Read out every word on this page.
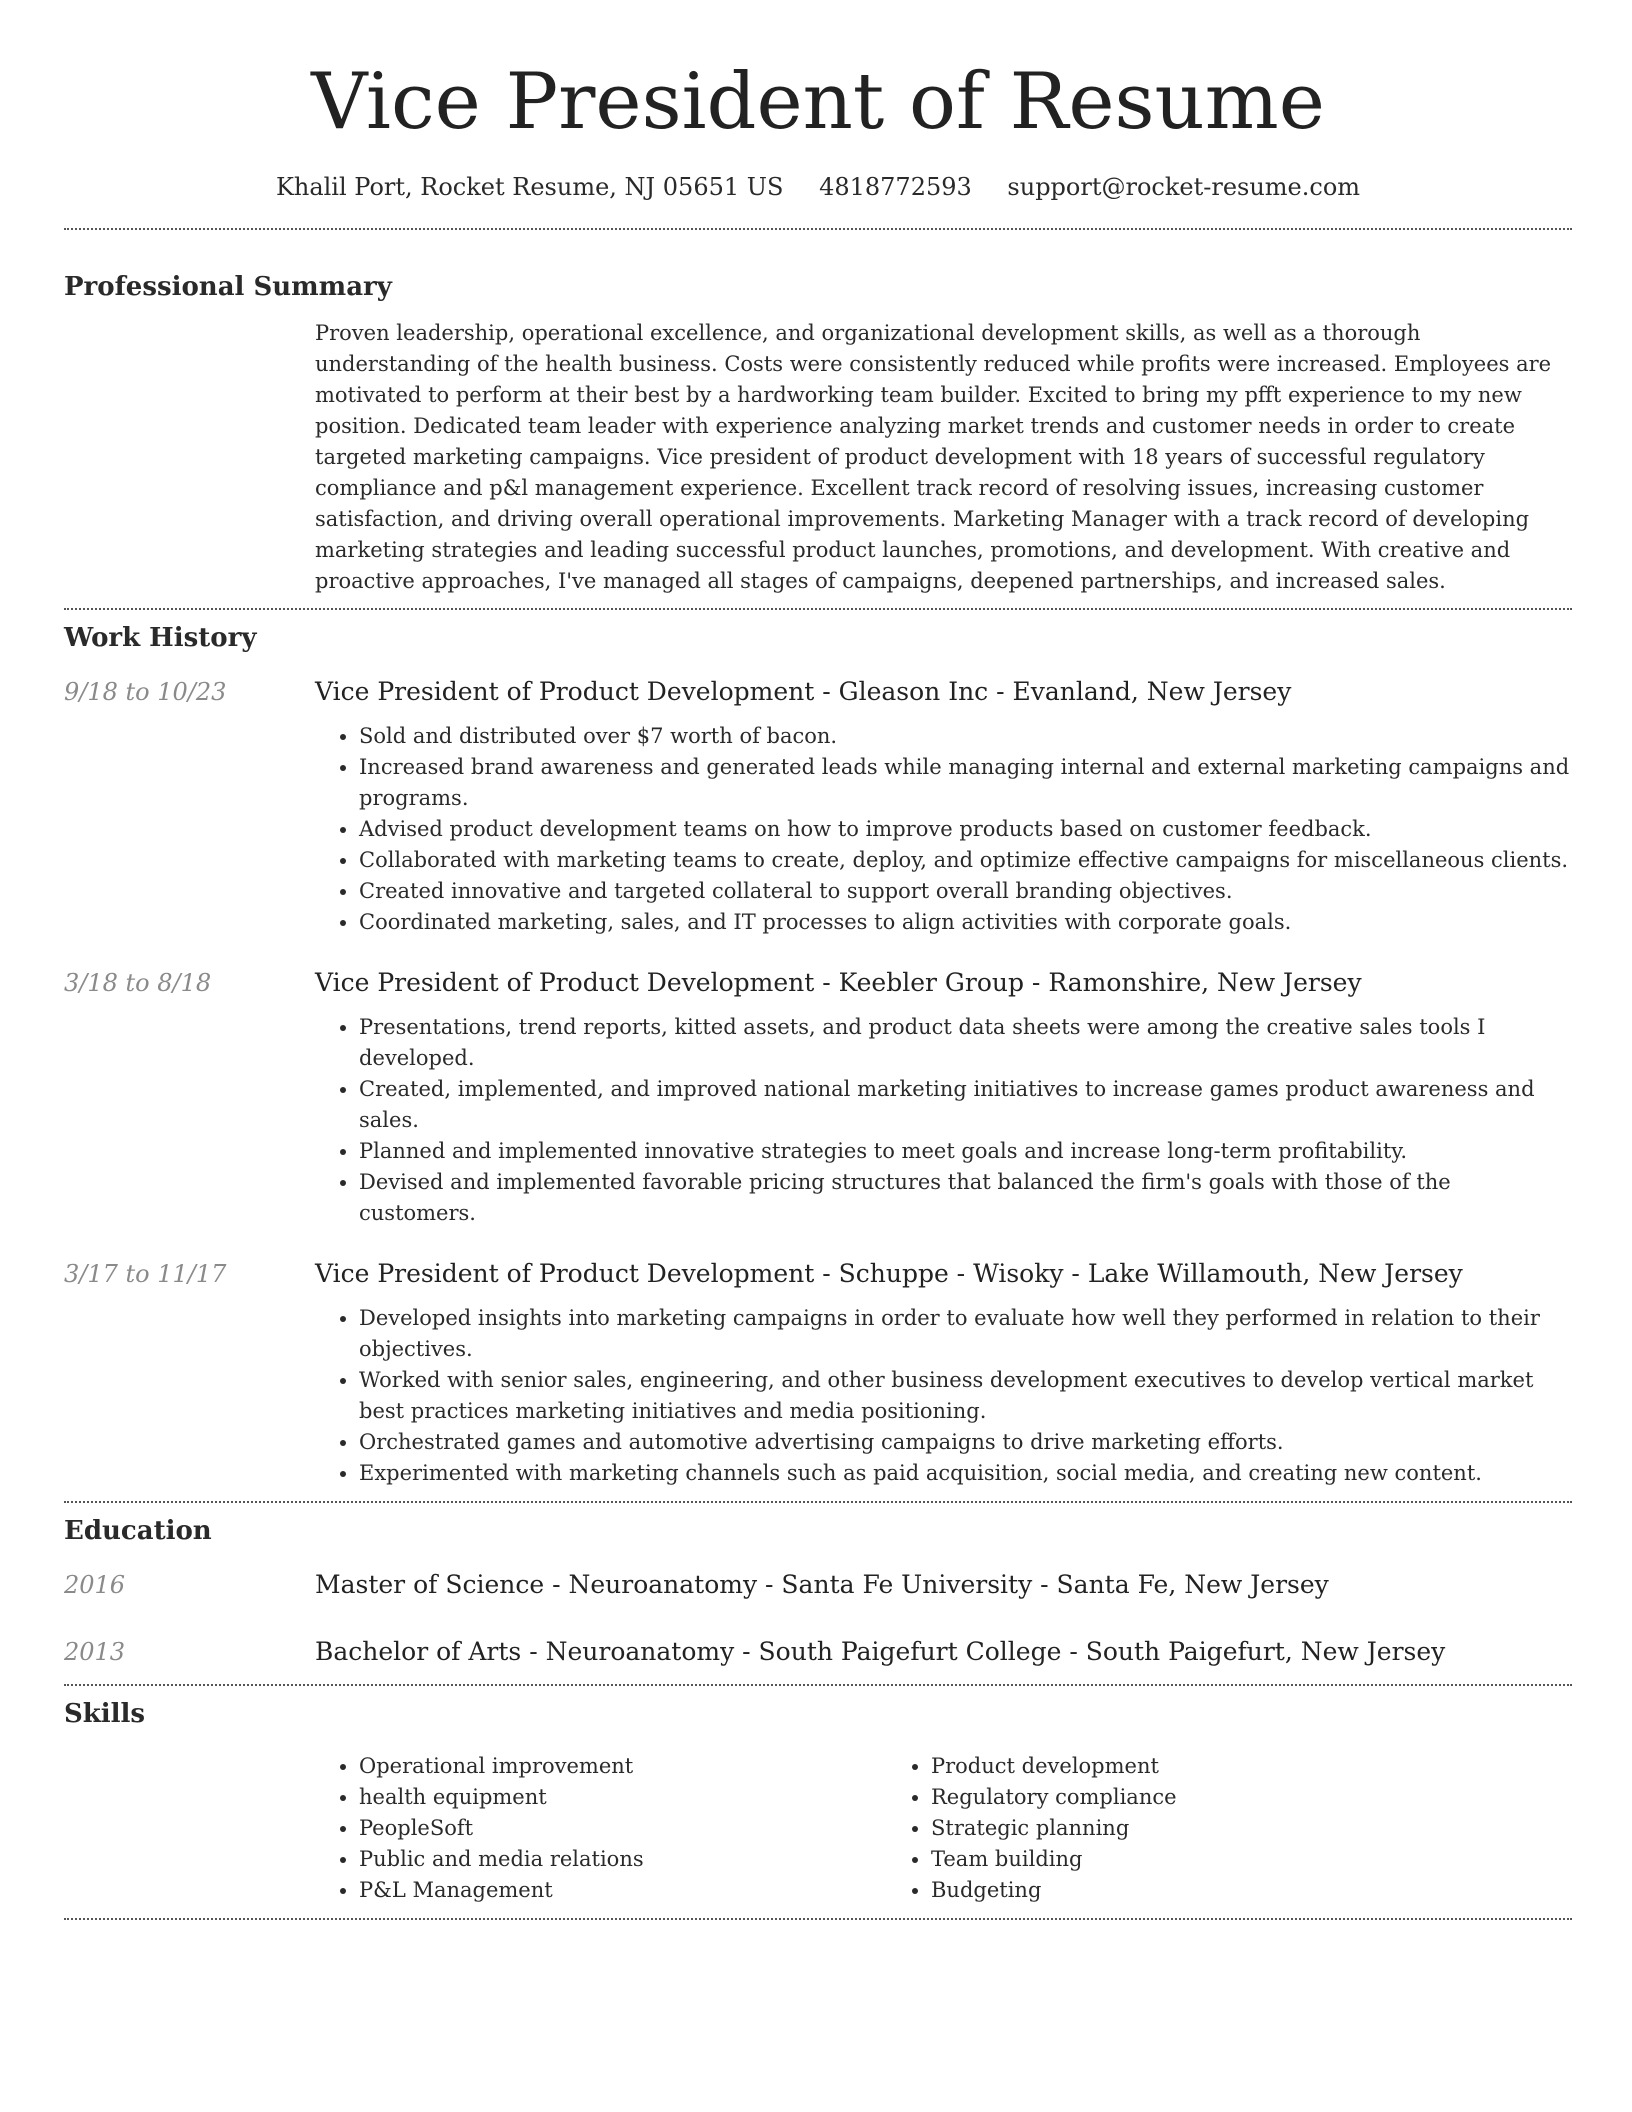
Vice President of Resume
Khalil Port, Rocket Resume, NJ 05651 US 4818772593 support@rocket-resume.com
Professional Summary
Proven leadership, operational excellence, and organizational development skills, as well as a thorough understanding of the health business. Costs were consistently reduced while profits were increased. Employees are motivated to perform at their best by a hardworking team builder. Excited to bring my pfft experience to my new position. Dedicated team leader with experience analyzing market trends and customer needs in order to create targeted marketing campaigns. Vice president of product development with 18 years of successful regulatory compliance and p&l management experience. Excellent track record of resolving issues, increasing customer satisfaction, and driving overall operational improvements. Marketing Manager with a track record of developing marketing strategies and leading successful product launches, promotions, and development. With creative and proactive approaches, I've managed all stages of campaigns, deepened partnerships, and increased sales.
Work History
9/18 to 10/23	Vice President of Product Development - Gleason Inc - Evanland, New Jersey
• Sold and distributed over $7 worth of bacon.
• Increased brand awareness and generated leads while managing internal and external marketing campaigns and programs.
• Advised product development teams on how to improve products based on customer feedback.
• Collaborated with marketing teams to create, deploy, and optimize effective campaigns for miscellaneous clients.
• Created innovative and targeted collateral to support overall branding objectives.
• Coordinated marketing, sales, and IT processes to align activities with corporate goals.
3/18 to 8/18	Vice President of Product Development - Keebler Group - Ramonshire, New Jersey
• Presentations, trend reports, kitted assets, and product data sheets were among the creative sales tools I developed.
• Created, implemented, and improved national marketing initiatives to increase games product awareness and sales.
• Planned and implemented innovative strategies to meet goals and increase long-term profitability.
• Devised and implemented favorable pricing structures that balanced the firm's goals with those of the customers.
3/17 to 11/17	Vice President of Product Development - Schuppe - Wisoky - Lake Willamouth, New Jersey
• Developed insights into marketing campaigns in order to evaluate how well they performed in relation to their objectives.
• Worked with senior sales, engineering, and other business development executives to develop vertical market best practices marketing initiatives and media positioning.
• Orchestrated games and automotive advertising campaigns to drive marketing efforts.
• Experimented with marketing channels such as paid acquisition, social media, and creating new content.
Education
2016	Master of Science - Neuroanatomy - Santa Fe University - Santa Fe, New Jersey
2013	Bachelor of Arts - Neuroanatomy - South Paigefurt College - South Paigefurt, New Jersey
Skills
• Operational improvement
• health equipment
• PeopleSoft
• Public and media relations
• P&L Management
• Product development
• Regulatory compliance
• Strategic planning
• Team building
• Budgeting
